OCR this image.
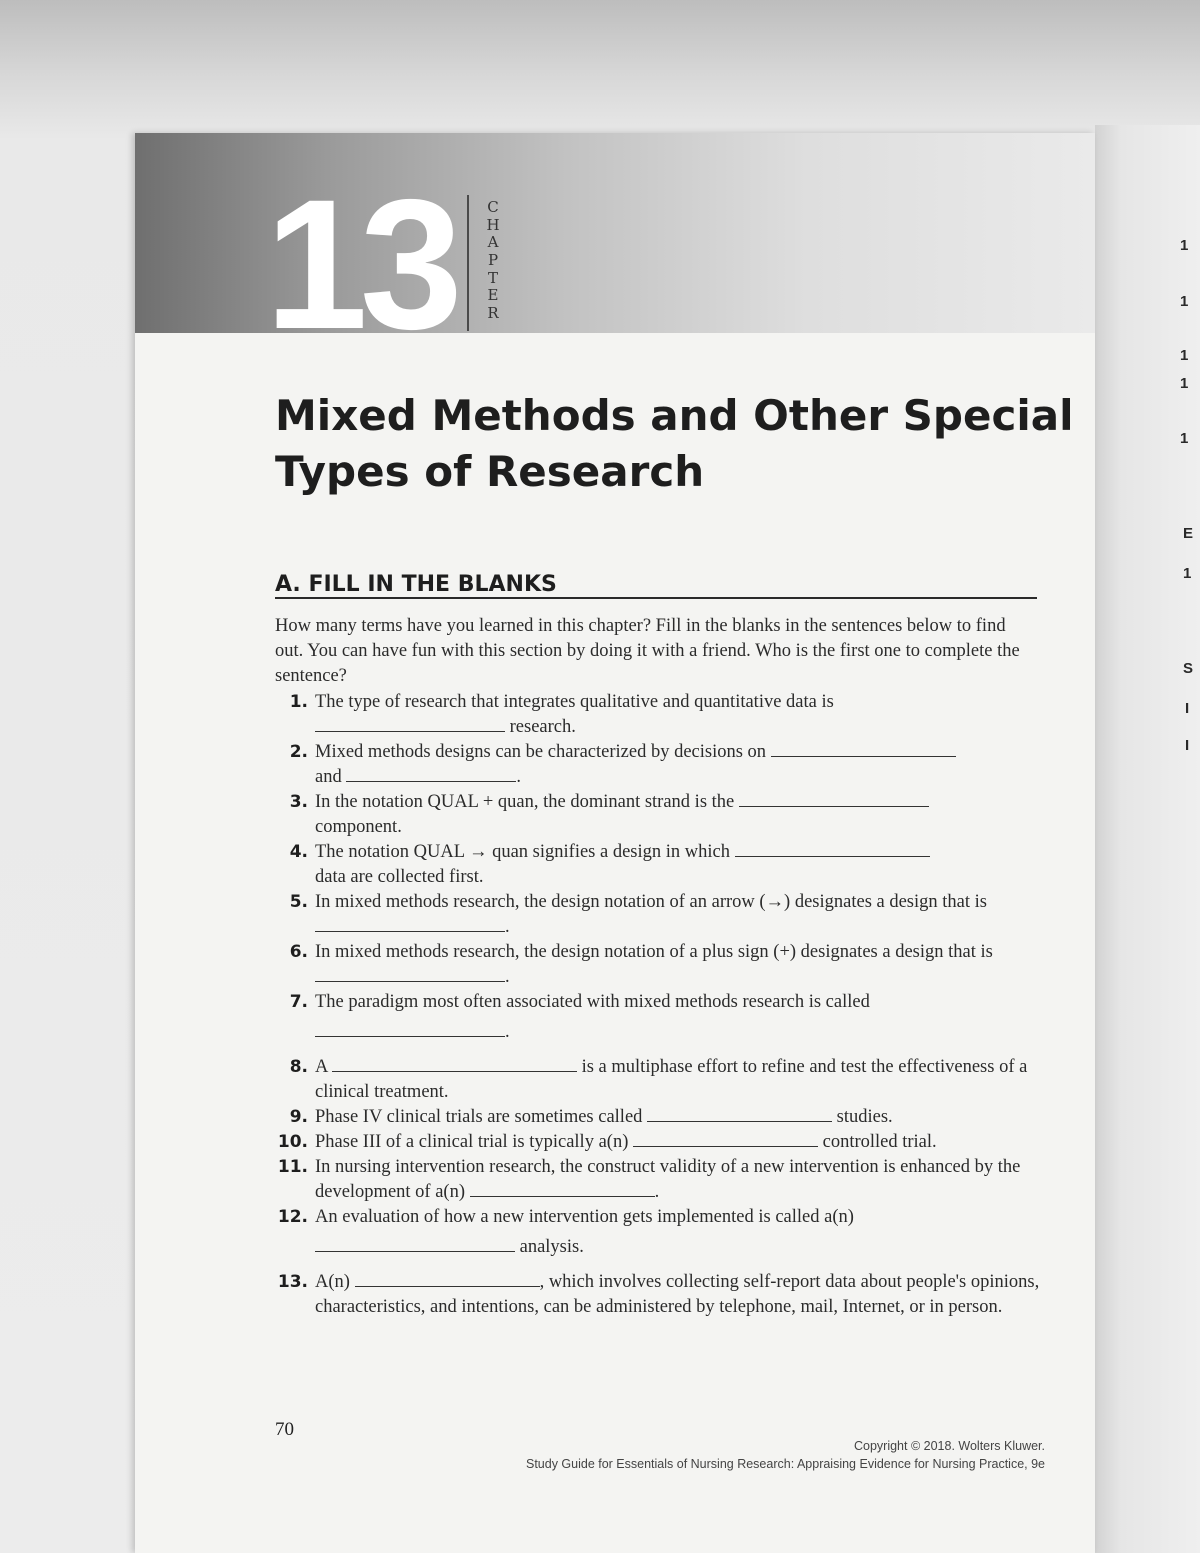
1
1
1
1
1
E
1
S
I
I
13 CHAPTER
Mixed Methods and Other Special Types of Research
A. FILL IN THE BLANKS

How many terms have you learned in this chapter? Fill in the blanks in the sentences below to find out. You can have fun with this section by doing it with a friend. Who is the first one to complete the sentence?

1. The type of research that integrates qualitative and quantitative data is
research.
2. Mixed methods designs can be characterized by decisions on
and	.
3. In the notation QUAL + quan, the dominant strand is the
component.
4. The notation QUAL → quan signifies a design in which
data are collected first.
5. In mixed methods research, the design notation of an arrow (→) designates a design that is .
6. In mixed methods research, the design notation of a plus sign (+) designates a design that is .
7. The paradigm most often associated with mixed methods research is called
.
8. A	is a multiphase effort to refine and test the effectiveness of a clinical treatment.
9. Phase IV clinical trials are sometimes called	studies.
10. Phase III of a clinical trial is typically a(n)	controlled trial.
11. In nursing intervention research, the construct validity of a new intervention is enhanced by the development of a(n)	.
12. An evaluation of how a new intervention gets implemented is called a(n)
analysis.
13. A(n)	, which involves collecting self-report data about people's opinions, characteristics, and intentions, can be administered by telephone, mail, Internet, or in person.
70
Copyright © 2018. Wolters Kluwer.
Study Guide for Essentials of Nursing Research: Appraising Evidence for Nursing Practice, 9e
